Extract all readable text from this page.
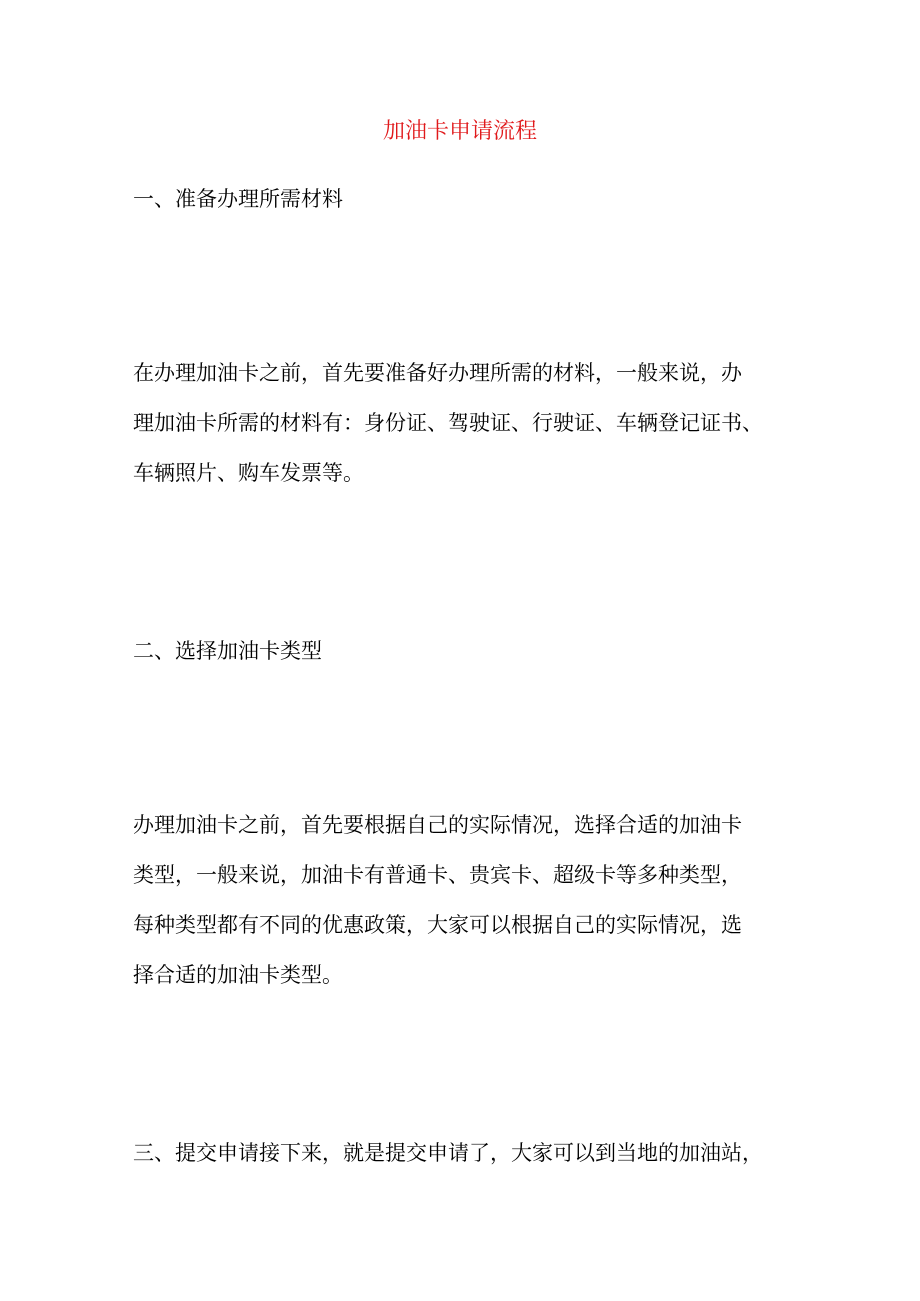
加油卡申请流程
一、准备办理所需材料
在办理加油卡之前，首先要准备好办理所需的材料，一般来说，办
理加油卡所需的材料有：身份证、驾驶证、行驶证、车辆登记证书、
车辆照片、购车发票等。
二、选择加油卡类型
办理加油卡之前，首先要根据自己的实际情况，选择合适的加油卡
类型，一般来说，加油卡有普通卡、贵宾卡、超级卡等多种类型，
每种类型都有不同的优惠政策，大家可以根据自己的实际情况，选
择合适的加油卡类型。
三、提交申请接下来，就是提交申请了，大家可以到当地的加油站，
